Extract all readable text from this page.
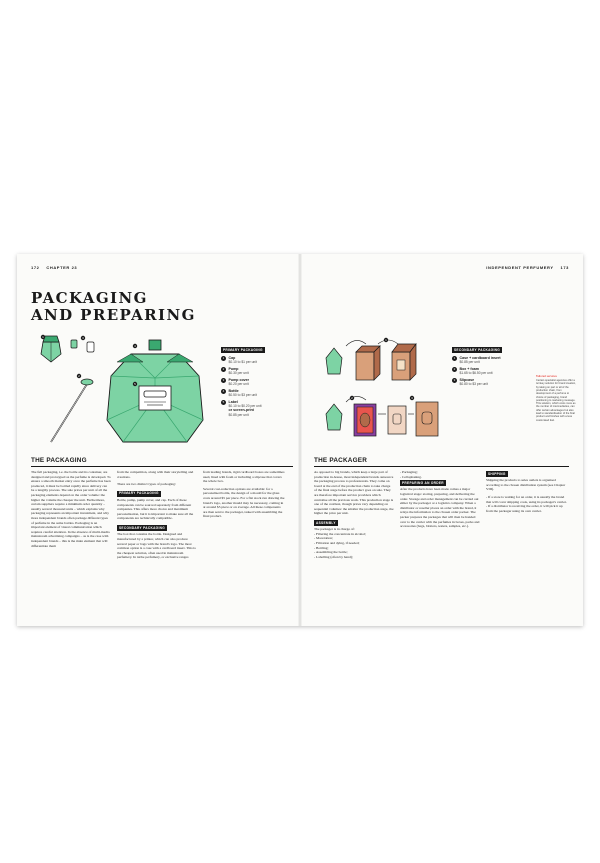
172 CHAPTER 23
PACKAGING
AND PREPARING
1	3
2
4
5
PRIMARY PACKAGING
1	Cap
$0.10 to $1 per unit
2	Pump
$0.30 per unit
3	Pump cover
$0.20 per unit
4	Bottle
$0.50 to $3 per unit
5	Label
$0.10 to $0.20 per unit
or screen-print
$0.85 per unit
THE PACKAGING

The full packaging, i.e. the bottle and its container, are designed and prototyped as the perfume is developed. To ensure a smooth market entry once the perfume has been produced, it must be bottled rapidly since delivery can be a lengthy process. The sale prices per unit of all the packaging elements depend on the order volume: the higher the volume the cheaper the unit. Furthermore, certain suppliers require a minimum order quantity – usually several thousand units – which explains why packaging represents an important investment, and why more independent brands often package different types of perfume in the same bottles. Packaging is an important element of visual communication which requires careful attention. In the absence of multi-media mainstream advertising campaigns – as is the case with independent brands – this is the main element that will differentiate them

from the competition, along with their storytelling and creations.

There are two distinct types of packaging:

PRIMARY PACKAGING

Bottle, pump, pump cover, and cap. Each of these components can be sourced separately from different companies. This offers more choice and maximum personalisation, but it is important to make sure all the components are technically compatible.

SECONDARY PACKAGING

The box that contains the bottle. Designed and manufactured by a printer, which can also produce several paper or bags with the brand's logo. The most common option is a case with a cardboard insert. This is the cheapest solution, often used in mainstream perfumery. In niche perfumery, or exclusive ranges

from leading brands, rigid cardboard boxes are sometimes used, lined with foam or including a slipcase that covers the whole box.

Several cost-reduction options are available: for a personalised bottle, the design of a mould for the glass costs around $5 per piece. For a flat stock run drawing the brand's logo, another mould may be necessary, coming in at around $5 piece or on average. All these components are then sent to the packager, tasked with assembling the final product.

INDEPENDENT PERFUMERY 173
1
2	3
SECONDARY PACKAGING
1	Case + cardboard insert
$0.85 per unit
2	Box + foam
$1.65 to $6.50 per unit
3	Slipcase
$0.80 to $3 per unit
Tailored services
Certain specialist agencies offer a turnkey solution for brand creation, by taking on part or all of the production chain, from development of a perfume to choice of packaging, brand positioning to marketing message. This solution, which costs more as the number of intermediaries, can offer certain advantages but also lead to standardisation of the final product and finishes with a less customised feel.
THE PACKAGER

As opposed to big brands, which keep a large part of production in-house, most independent brands outsource the packaging process to professionals. They come on board at the end of the production chain to take charge of the final stage before the product goes on sale. They are therefore important service providers which centralise all the previous work. This production stage is one of the costliest, though prices vary depending on sequential volumes: the smaller the production stage, the higher the price per unit.

ASSEMBLY

The packager is in charge of:

- Filtering the concentrate in alcohol;
- Maceration;
- Filtration and dying, if needed;
- Bottling;
- Assembling the bottle;
- Labelling (often by hand);
- Packaging;
- Cellophaning.
PREPARING AN ORDER

After the products have been made comes a major logistical stage: storing, preparing, and delivering the order. Storage and order management can be carried out either by the packager or a logistics company. When a distributor or reseller places an order with the brand, it relays the information to the chosen order packer. The packer prepares the packages that will then be handed over to the carrier with the perfumes in boxes, packs and accessories (bags, blotters, testers, samples, etc.).

SHIPPING

Shipping the products to sales outlets is organised according to the chosen distribution system (see Chapter VIII).

- If a store is waiting for an order, it is usually the brand that will cover shipping costs, using its packager's carrier.
- If a distributor is receiving the order, it will pick it up from the packager using its own carrier.
